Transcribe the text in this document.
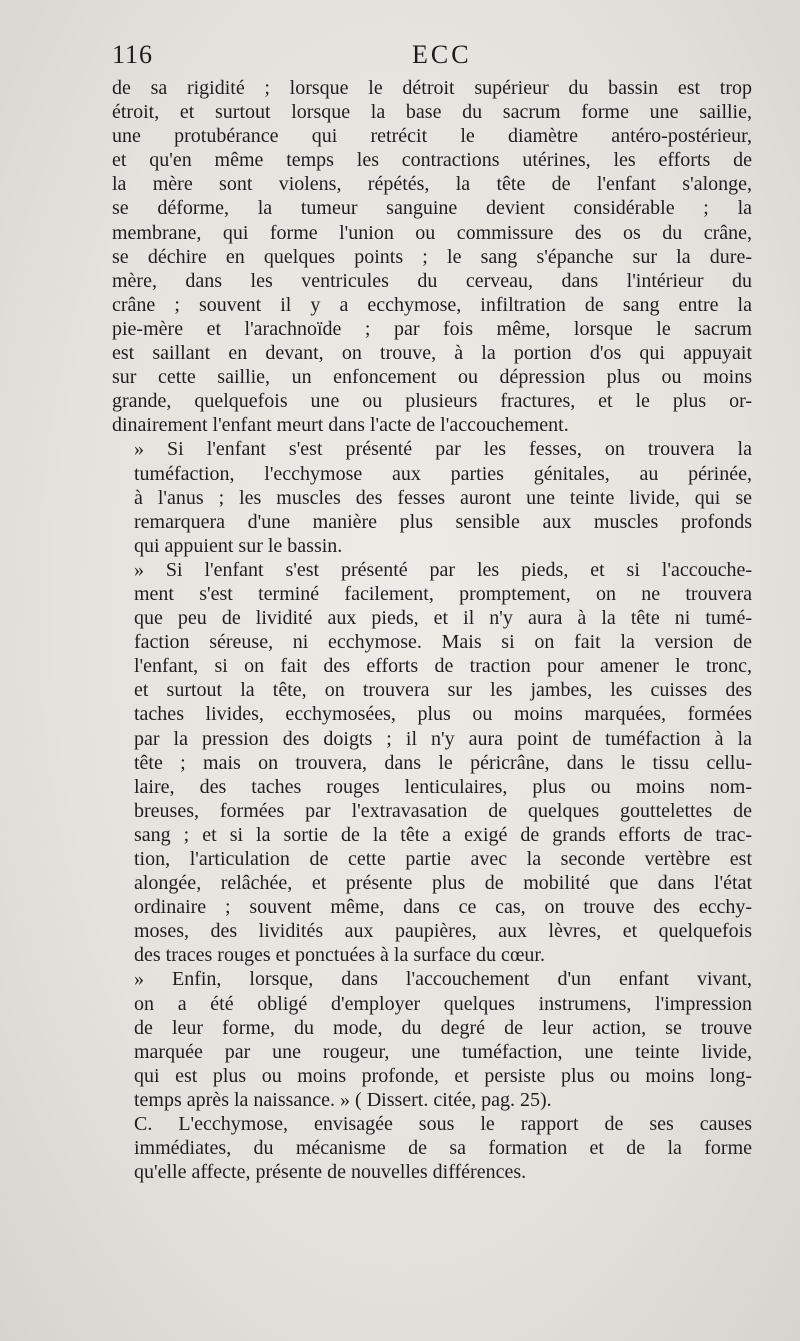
116	ECC

de sa rigidité ; lorsque le détroit supérieur du bassin est trop
étroit, et surtout lorsque la base du sacrum forme une saillie,
une protubérance qui retrécit le diamètre antéro-postérieur,
et qu'en même temps les contractions utérines, les efforts de
la mère sont violens, répétés, la tête de l'enfant s'alonge,
se déforme, la tumeur sanguine devient considérable ; la
membrane, qui forme l'union ou commissure des os du crâne,
se déchire en quelques points ; le sang s'épanche sur la dure-
mère, dans les ventricules du cerveau, dans l'intérieur du
crâne ; souvent il y a ecchymose, infiltration de sang entre la
pie-mère et l'arachnoïde ; par fois même, lorsque le sacrum
est saillant en devant, on trouve, à la portion d'os qui appuyait
sur cette saillie, un enfoncement ou dépression plus ou moins
grande, quelquefois une ou plusieurs fractures, et le plus or-
dinairement l'enfant meurt dans l'acte de l'accouchement.

» Si l'enfant s'est présenté par les fesses, on trouvera la
tuméfaction, l'ecchymose aux parties génitales, au périnée,
à l'anus ; les muscles des fesses auront une teinte livide, qui se
remarquera d'une manière plus sensible aux muscles profonds
qui appuient sur le bassin.

» Si l'enfant s'est présenté par les pieds, et si l'accouche-
ment s'est terminé facilement, promptement, on ne trouvera
que peu de lividité aux pieds, et il n'y aura à la tête ni tumé-
faction séreuse, ni ecchymose. Mais si on fait la version de
l'enfant, si on fait des efforts de traction pour amener le tronc,
et surtout la tête, on trouvera sur les jambes, les cuisses des
taches livides, ecchymosées, plus ou moins marquées, formées
par la pression des doigts ; il n'y aura point de tuméfaction à la
tête ; mais on trouvera, dans le péricrâne, dans le tissu cellu-
laire, des taches rouges lenticulaires, plus ou moins nom-
breuses, formées par l'extravasation de quelques gouttelettes de
sang ; et si la sortie de la tête a exigé de grands efforts de trac-
tion, l'articulation de cette partie avec la seconde vertèbre est
alongée, relâchée, et présente plus de mobilité que dans l'état
ordinaire ; souvent même, dans ce cas, on trouve des ecchy-
moses, des lividités aux paupières, aux lèvres, et quelquefois
des traces rouges et ponctuées à la surface du cœur.

» Enfin, lorsque, dans l'accouchement d'un enfant vivant,
on a été obligé d'employer quelques instrumens, l'impression
de leur forme, du mode, du degré de leur action, se trouve
marquée par une rougeur, une tuméfaction, une teinte livide,
qui est plus ou moins profonde, et persiste plus ou moins long-
temps après la naissance. » ( Dissert. citée, pag. 25).

C. L'ecchymose, envisagée sous le rapport de ses causes
immédiates, du mécanisme de sa formation et de la forme
qu'elle affecte, présente de nouvelles différences.
